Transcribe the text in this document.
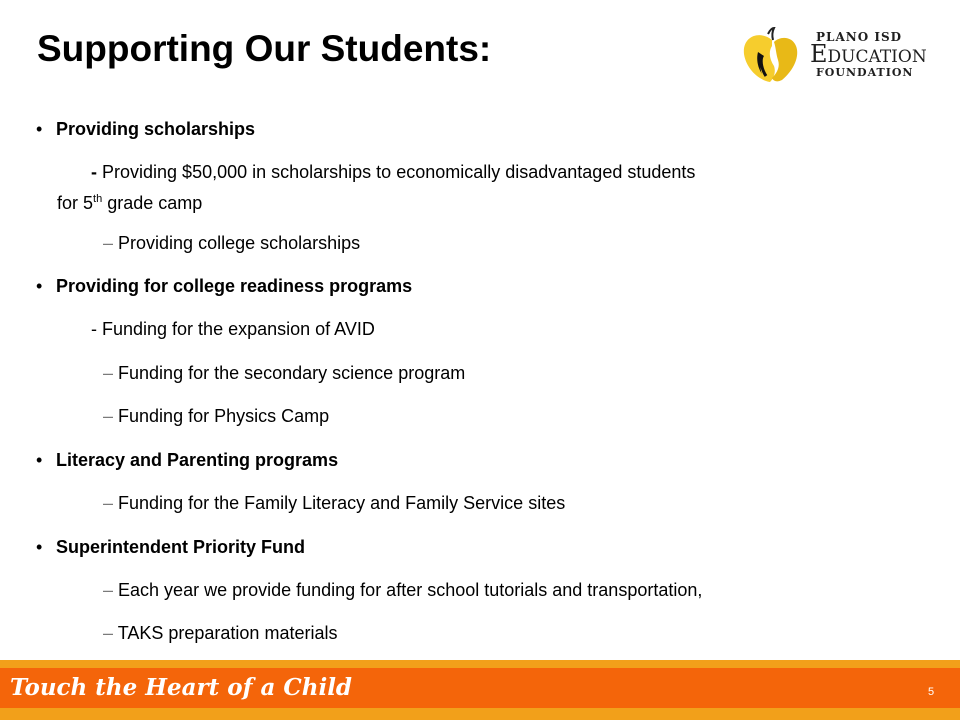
Supporting Our Students:	PLANO ISD
Education
FOUNDATION
• Providing scholarships
- Providing $50,000 in scholarships to economically disadvantaged students
for 5th grade camp
– Providing college scholarships
• Providing for college readiness programs
- Funding for the expansion of AVID
– Funding for the secondary science program
– Funding for Physics Camp
• Literacy and Parenting programs
– Funding for the Family Literacy and Family Service sites
• Superintendent Priority Fund
– Each year we provide funding for after school tutorials and transportation,
– TAKS preparation materials
Touch the Heart of a Child	5
